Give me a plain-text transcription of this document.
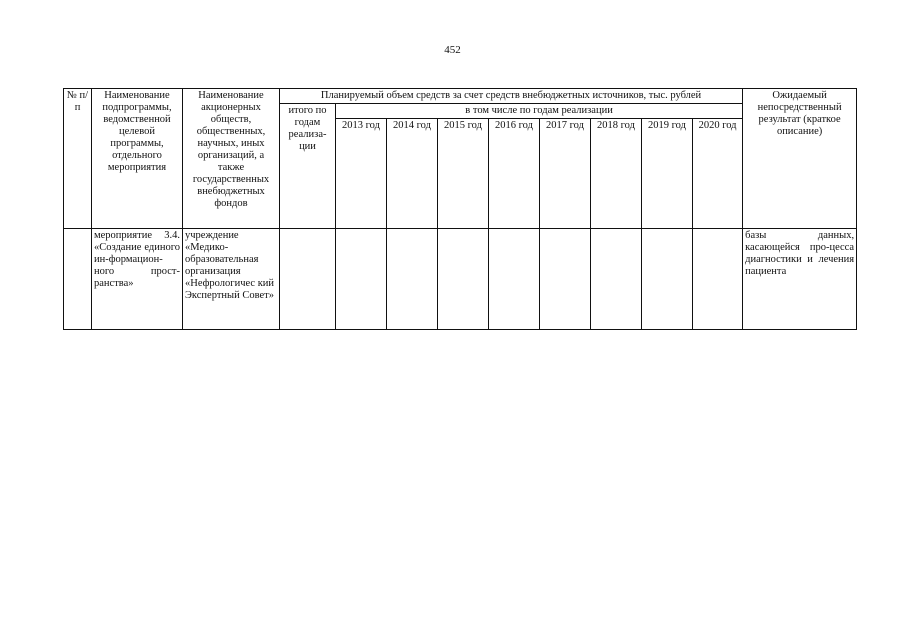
452
№ п/п	Наименование подпрограммы, ведомственной целевой программы, отдельного мероприятия	Наименование акционерных обществ, общественных, научных, иных организаций, а также государственных внебюджетных фондов	Планируемый объем средств за счет средств внебюджетных источников, тыс. рублей									Ожидаемый непосредственный результат (краткое описание)
			итого по годам реализа-ции	в том числе по годам реализации								
				2013 год	2014 год	2015 год	2016 год	2017 год	2018 год	2019 год	2020 год	
	мероприятие 3.4. «Создание единого ин-формацион-ного прост-ранства»	учреждение «Медико-образовательная организация «Нефрологичес кий Экспертный Совет»										базы данных, касающейся про-цесса диагностики и лечения пациента
